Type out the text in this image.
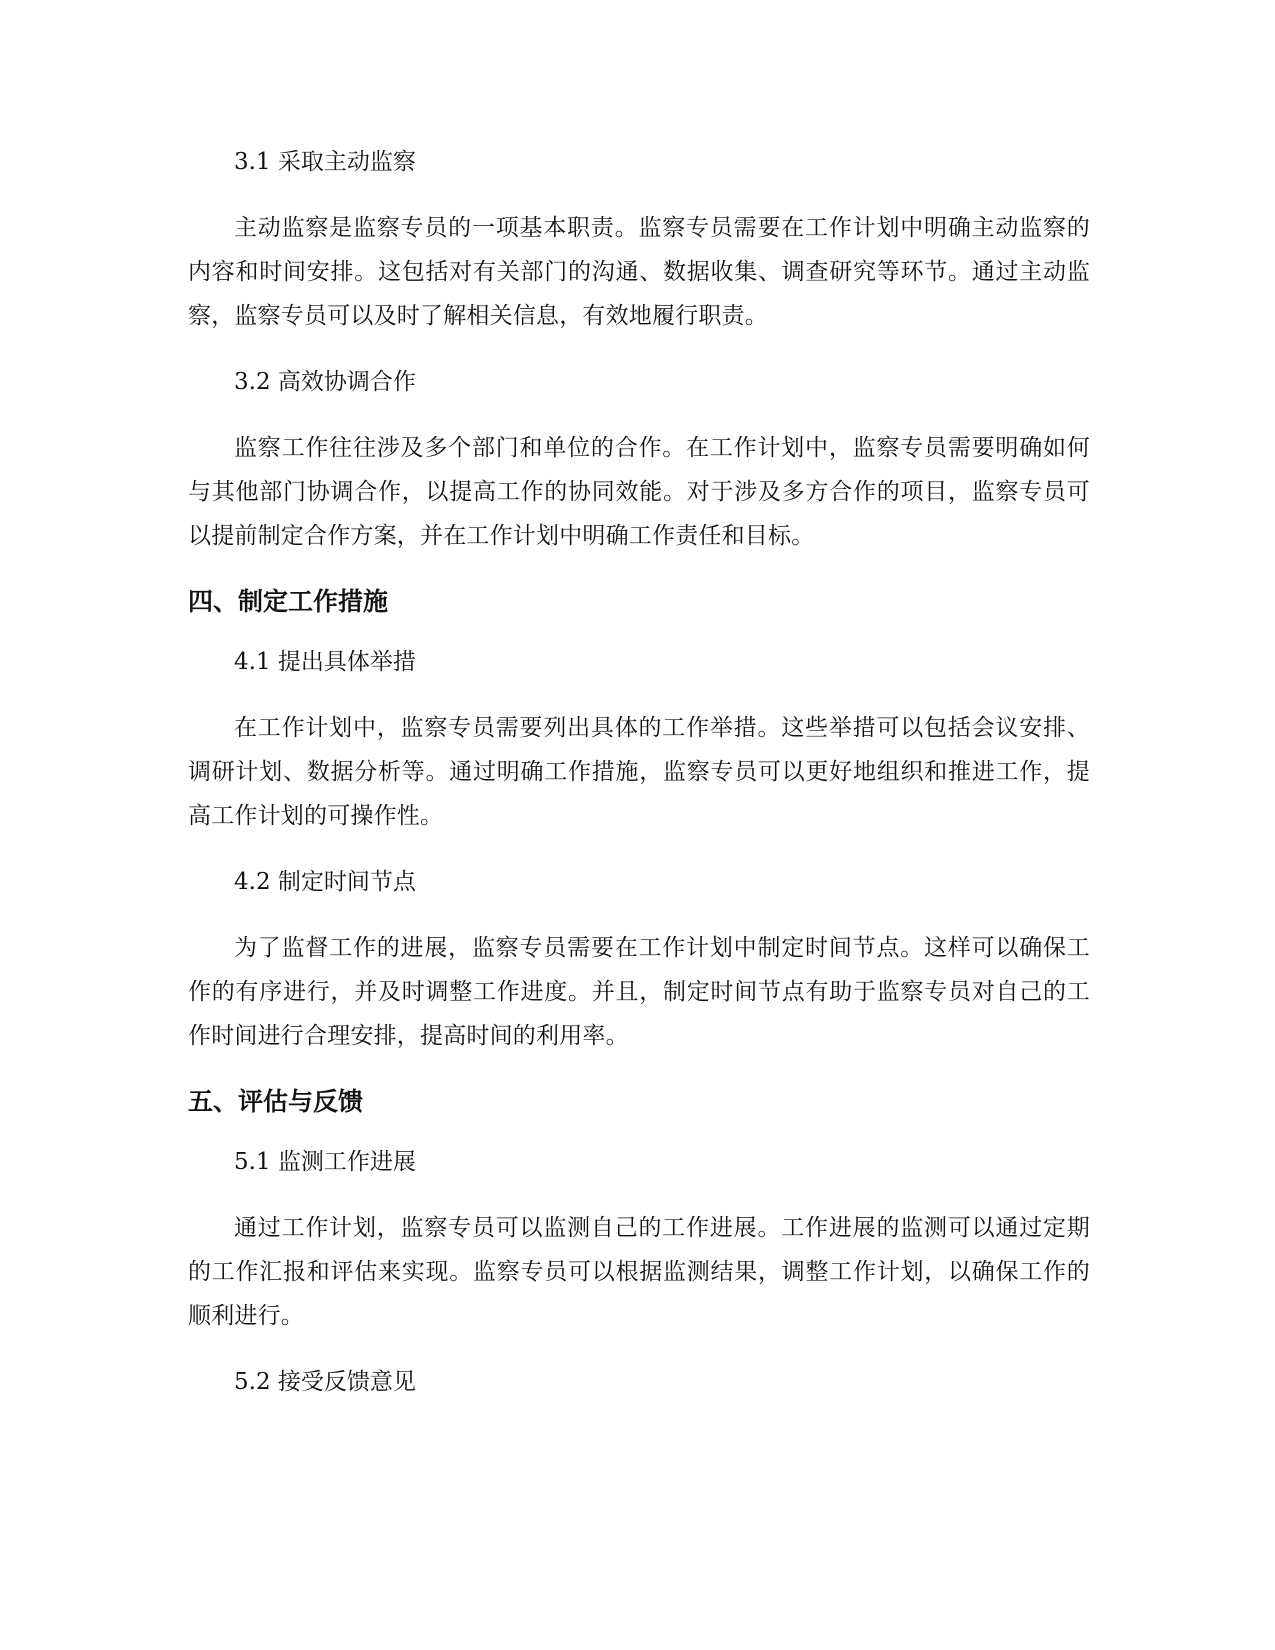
3.1 采取主动监察

主动监察是监察专员的一项基本职责。监察专员需要在工作计划中明确主动监察的内容和时间安排。这包括对有关部门的沟通、数据收集、调查研究等环节。通过主动监察，监察专员可以及时了解相关信息，有效地履行职责。

3.2 高效协调合作

监察工作往往涉及多个部门和单位的合作。在工作计划中，监察专员需要明确如何与其他部门协调合作，以提高工作的协同效能。对于涉及多方合作的项目，监察专员可以提前制定合作方案，并在工作计划中明确工作责任和目标。

四、制定工作措施
4.1 提出具体举措

在工作计划中，监察专员需要列出具体的工作举措。这些举措可以包括会议安排、调研计划、数据分析等。通过明确工作措施，监察专员可以更好地组织和推进工作，提高工作计划的可操作性。

4.2 制定时间节点

为了监督工作的进展，监察专员需要在工作计划中制定时间节点。这样可以确保工作的有序进行，并及时调整工作进度。并且，制定时间节点有助于监察专员对自己的工作时间进行合理安排，提高时间的利用率。

五、评估与反馈
5.1 监测工作进展

通过工作计划，监察专员可以监测自己的工作进展。工作进展的监测可以通过定期的工作汇报和评估来实现。监察专员可以根据监测结果，调整工作计划，以确保工作的顺利进行。

5.2 接受反馈意见
